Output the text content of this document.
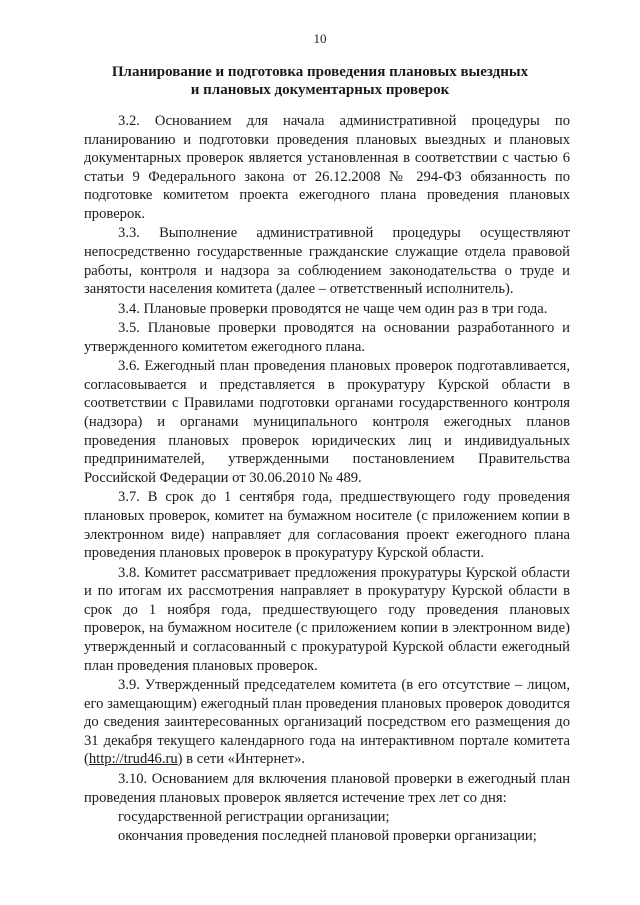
10
Планирование и подготовка проведения плановых выездных
и плановых документарных проверок

3.2. Основанием для начала административной процедуры по планированию и подготовки проведения плановых выездных и плановых документарных проверок является установленная в соответствии с частью 6 статьи 9 Федерального закона от 26.12.2008 № 294-ФЗ обязанность по подготовке комитетом проекта ежегодного плана проведения плановых проверок.

3.3. Выполнение административной процедуры осуществляют непосредственно государственные гражданские служащие отдела правовой работы, контроля и надзора за соблюдением законодательства о труде и занятости населения комитета (далее – ответственный исполнитель).

3.4. Плановые проверки проводятся не чаще чем один раз в три года.

3.5. Плановые проверки проводятся на основании разработанного и утвержденного комитетом ежегодного плана.

3.6. Ежегодный план проведения плановых проверок подготавливается, согласовывается и представляется в прокуратуру Курской области в соответствии с Правилами подготовки органами государственного контроля (надзора) и органами муниципального контроля ежегодных планов проведения плановых проверок юридических лиц и индивидуальных предпринимателей, утвержденными постановлением Правительства Российской Федерации от 30.06.2010 № 489.

3.7. В срок до 1 сентября года, предшествующего году проведения плановых проверок, комитет на бумажном носителе (с приложением копии в электронном виде) направляет для согласования проект ежегодного плана проведения плановых проверок в прокуратуру Курской области.

3.8. Комитет рассматривает предложения прокуратуры Курской области и по итогам их рассмотрения направляет в прокуратуру Курской области в срок до 1 ноября года, предшествующего году проведения плановых проверок, на бумажном носителе (с приложением копии в электронном виде) утвержденный и согласованный с прокуратурой Курской области ежегодный план проведения плановых проверок.

3.9. Утвержденный председателем комитета (в его отсутствие – лицом, его замещающим) ежегодный план проведения плановых проверок доводится до сведения заинтересованных организаций посредством его размещения до 31 декабря текущего календарного года на интерактивном портале комитета (http://trud46.ru) в сети «Интернет».

3.10. Основанием для включения плановой проверки в ежегодный план проведения плановых проверок является истечение трех лет со дня:

государственной регистрации организации;

окончания проведения последней плановой проверки организации;
